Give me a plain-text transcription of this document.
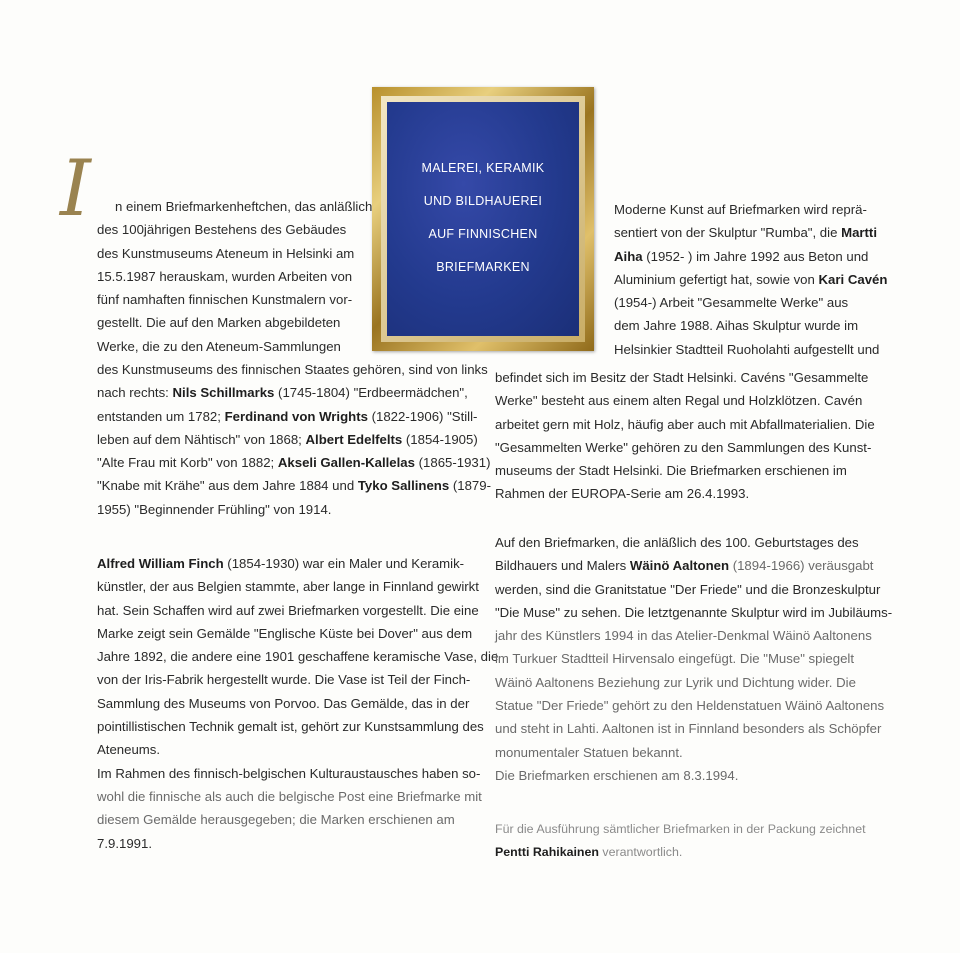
MALEREI, KERAMIK
UND BILDHAUEREI
AUF FINNISCHEN
BRIEFMARKEN
I	n einem Briefmarkenheftchen, das anläßlich
des 100jährigen Bestehens des Gebäudes
des Kunstmuseums Ateneum in Helsinki am
15.5.1987 herauskam, wurden Arbeiten von
fünf namhaften finnischen Kunstmalern vor-
gestellt. Die auf den Marken abgebildeten
Werke, die zu den Ateneum-Sammlungen
des Kunstmuseums des finnischen Staates gehören, sind von links
nach rechts: Nils Schillmarks (1745-1804) "Erdbeermädchen",
entstanden um 1782; Ferdinand von Wrights (1822-1906) "Still-
leben auf dem Nähtisch" von 1868; Albert Edelfelts (1854-1905)
"Alte Frau mit Korb" von 1882; Akseli Gallen-Kallelas (1865-1931)
"Knabe mit Krähe" aus dem Jahre 1884 und Tyko Sallinens (1879-
1955) "Beginnender Frühling" von 1914.
Alfred William Finch (1854-1930) war ein Maler und Keramik-
künstler, der aus Belgien stammte, aber lange in Finnland gewirkt
hat. Sein Schaffen wird auf zwei Briefmarken vorgestellt. Die eine
Marke zeigt sein Gemälde "Englische Küste bei Dover" aus dem
Jahre 1892, die andere eine 1901 geschaffene keramische Vase, die
von der Iris-Fabrik hergestellt wurde. Die Vase ist Teil der Finch-
Sammlung des Museums von Porvoo. Das Gemälde, das in der
pointillistischen Technik gemalt ist, gehört zur Kunstsammlung des
Ateneums.
Im Rahmen des finnisch-belgischen Kulturaustausches haben so-
wohl die finnische als auch die belgische Post eine Briefmarke mit
diesem Gemälde herausgegeben; die Marken erschienen am
7.9.1991.
Moderne Kunst auf Briefmarken wird reprä-
sentiert von der Skulptur "Rumba", die Martti
Aiha (1952- ) im Jahre 1992 aus Beton und
Aluminium gefertigt hat, sowie von Kari Cavén
(1954-) Arbeit "Gesammelte Werke" aus
dem Jahre 1988. Aihas Skulptur wurde im
Helsinkier Stadtteil Ruoholahti aufgestellt und
befindet sich im Besitz der Stadt Helsinki. Cavéns "Gesammelte
Werke" besteht aus einem alten Regal und Holzklötzen. Cavén
arbeitet gern mit Holz, häufig aber auch mit Abfallmaterialien. Die
"Gesammelten Werke" gehören zu den Sammlungen des Kunst-
museums der Stadt Helsinki. Die Briefmarken erschienen im
Rahmen der EUROPA-Serie am 26.4.1993.
Auf den Briefmarken, die anläßlich des 100. Geburtstages des
Bildhauers und Malers Wäinö Aaltonen (1894-1966) veräusgabt
werden, sind die Granitstatue "Der Friede" und die Bronzeskulptur
"Die Muse" zu sehen. Die letztgenannte Skulptur wird im Jubiläums-
jahr des Künstlers 1994 in das Atelier-Denkmal Wäinö Aaltonens
im Turkuer Stadtteil Hirvensalo eingefügt. Die "Muse" spiegelt
Wäinö Aaltonens Beziehung zur Lyrik und Dichtung wider. Die
Statue "Der Friede" gehört zu den Heldenstatuen Wäinö Aaltonens
und steht in Lahti. Aaltonen ist in Finnland besonders als Schöpfer
monumentaler Statuen bekannt.
Die Briefmarken erschienen am 8.3.1994.
Für die Ausführung sämtlicher Briefmarken in der Packung zeichnet
Pentti Rahikainen verantwortlich.
